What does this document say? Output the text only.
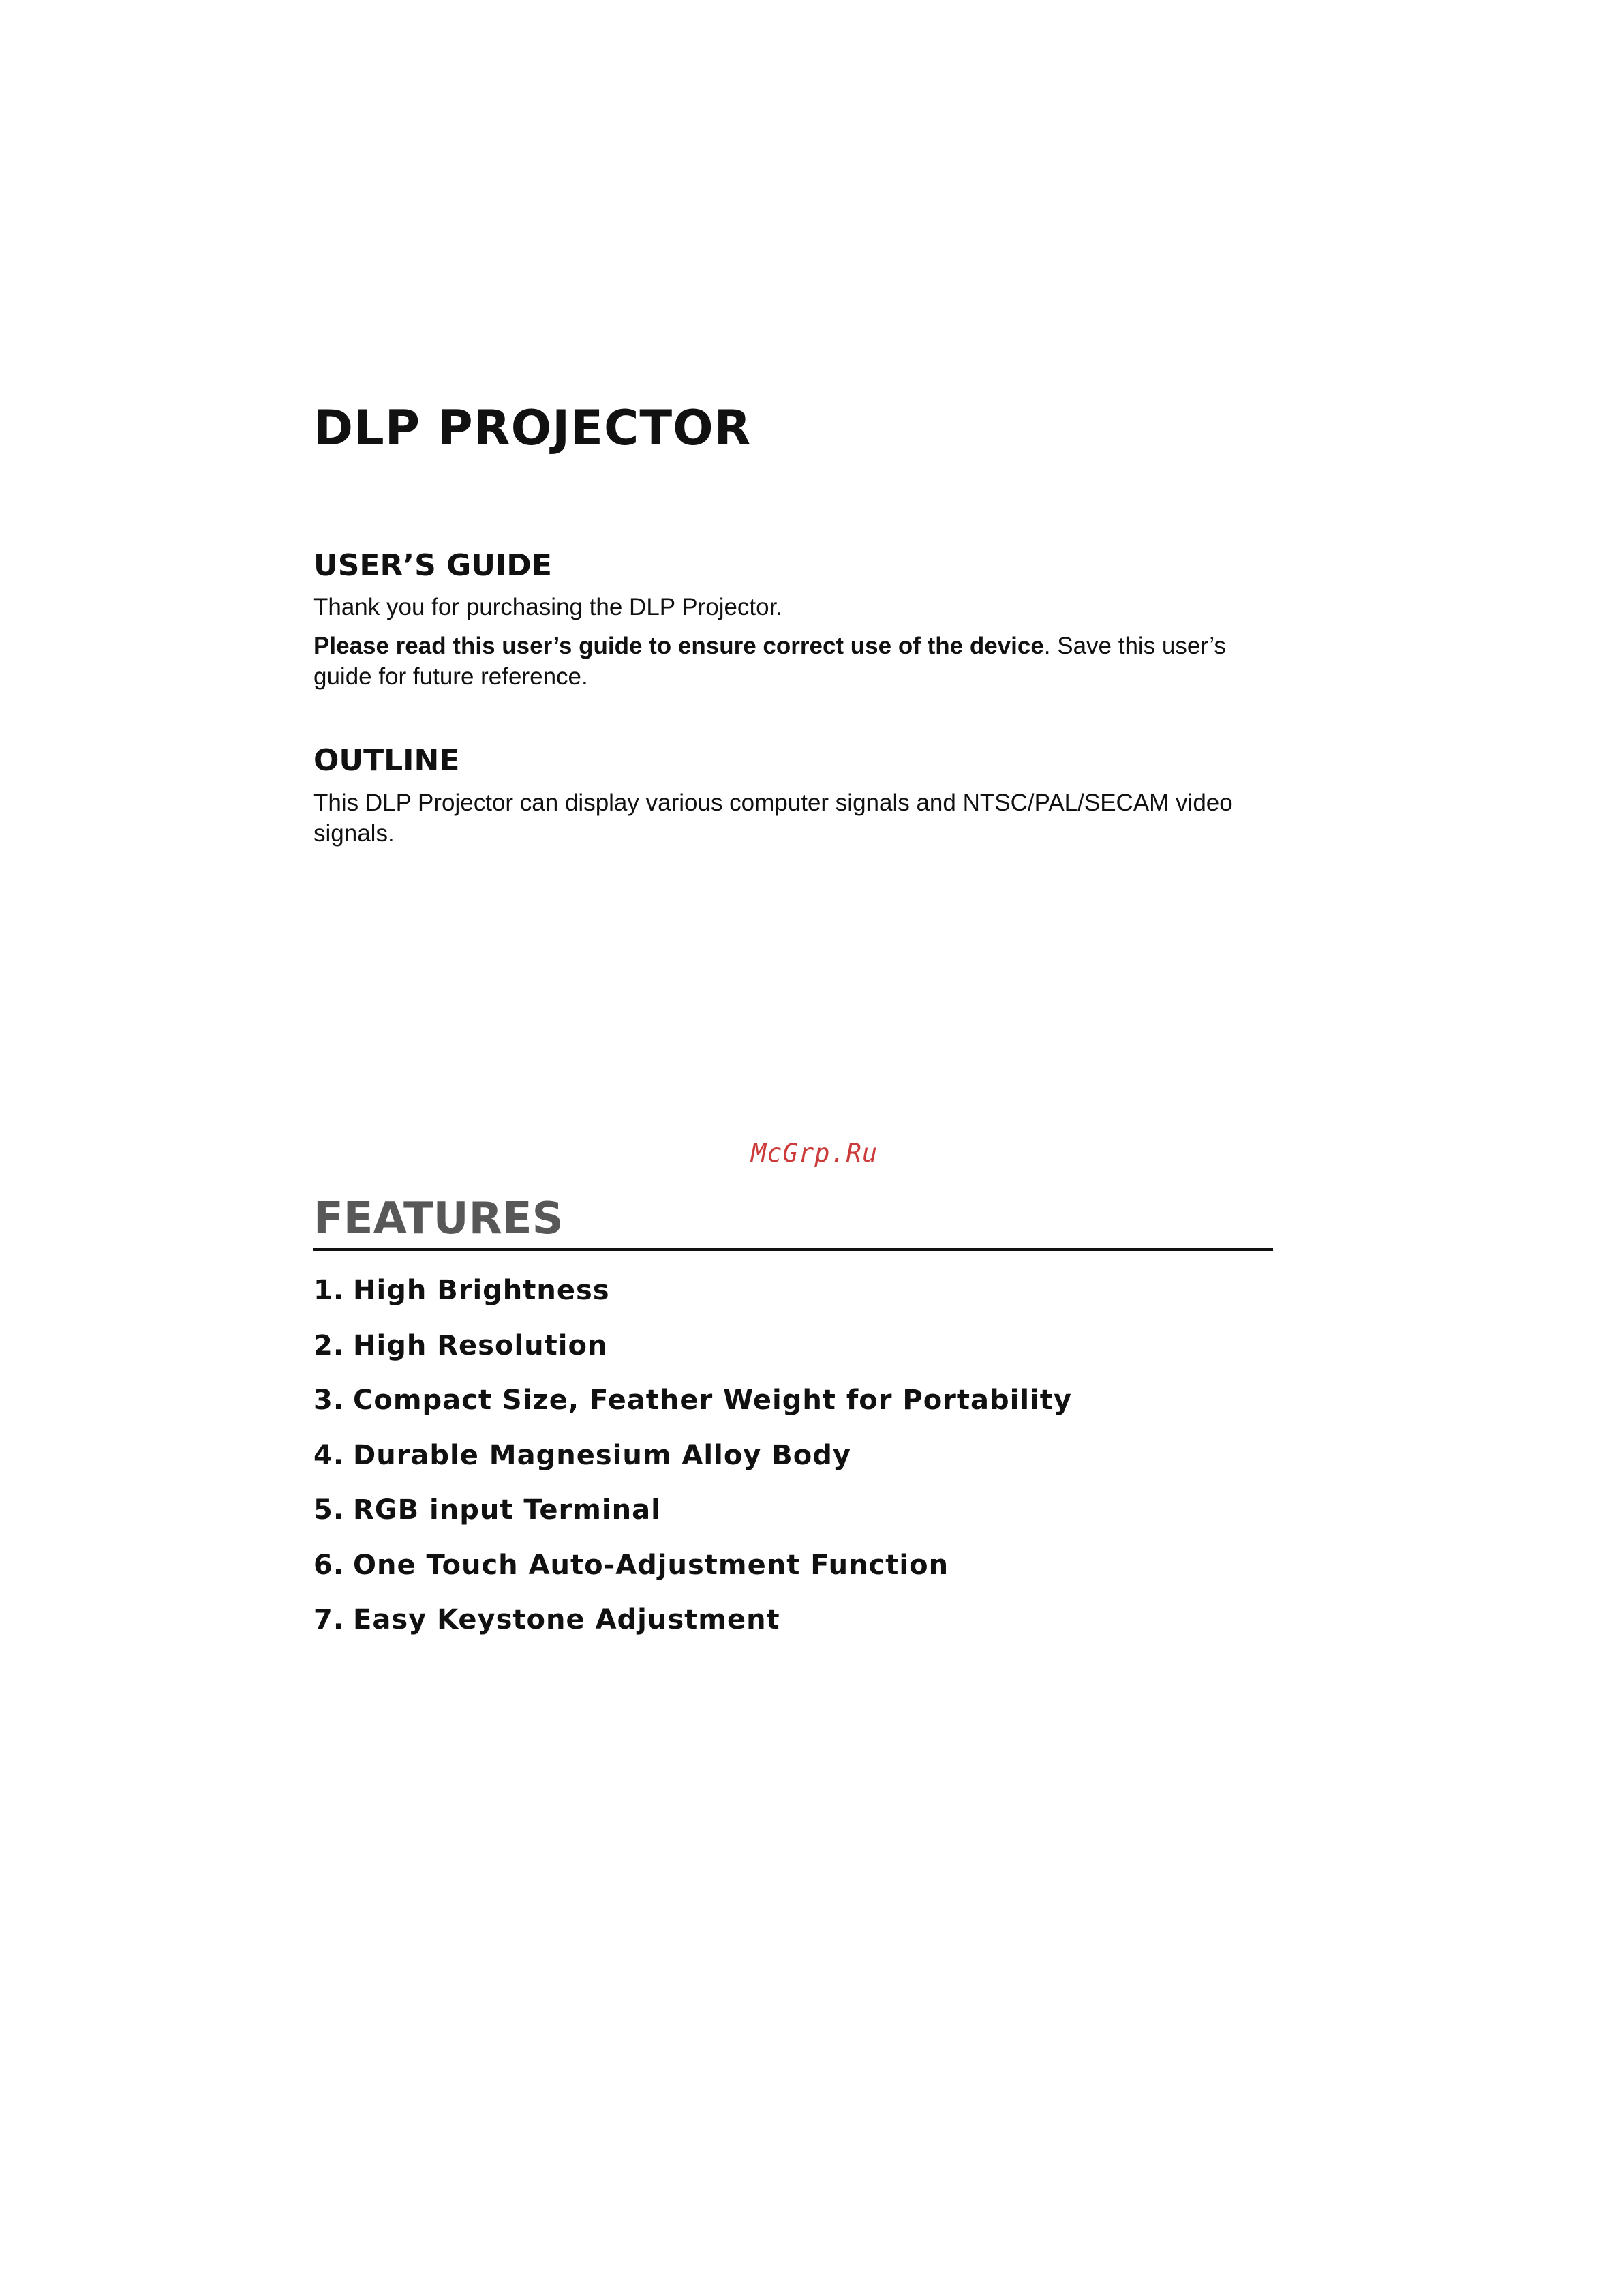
DLP PROJECTOR
USER’S GUIDE

Thank you for purchasing the DLP Projector.

Please read this user’s guide to ensure correct use of the device. Save this user’s guide for future reference.

OUTLINE

This DLP Projector can display various computer signals and NTSC/PAL/SECAM video signals.

McGrp.Ru
FEATURES
1. High Brightness
2. High Resolution
3. Compact Size, Feather Weight for Portability
4. Durable Magnesium Alloy Body
5. RGB input Terminal
6. One Touch Auto-Adjustment Function
7. Easy Keystone Adjustment
